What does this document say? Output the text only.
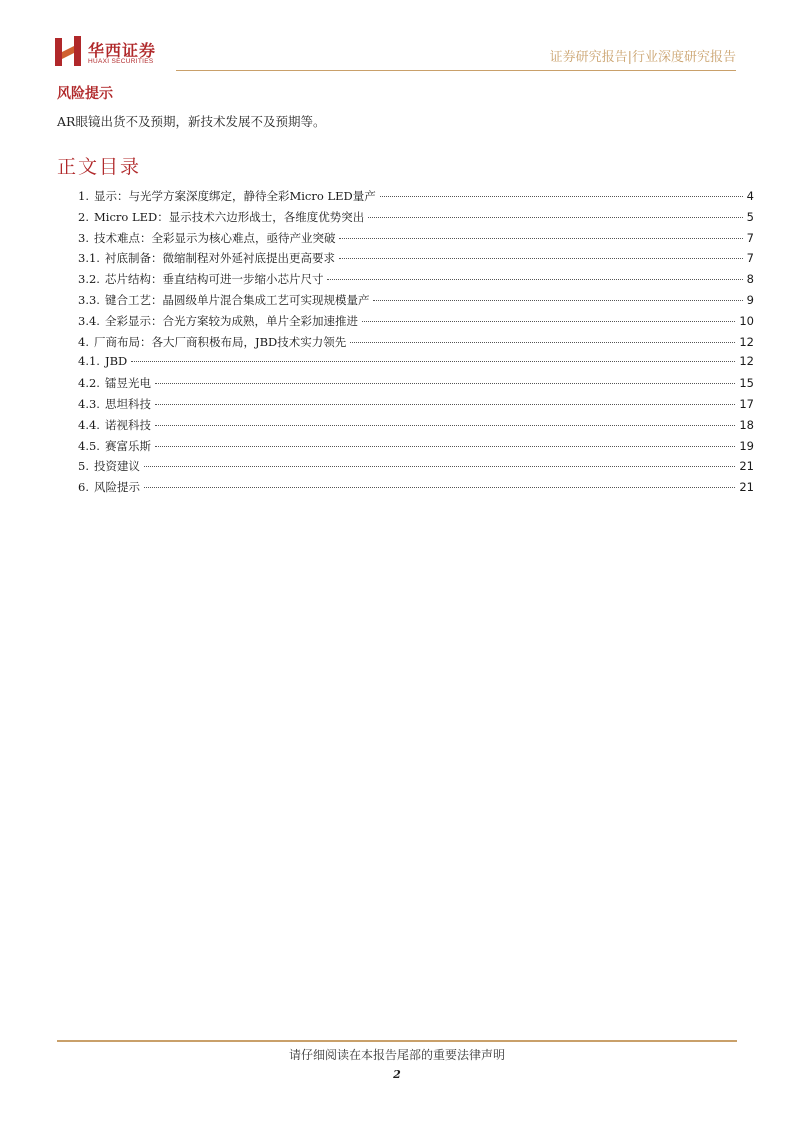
华西证券
HUAXI SECURITIES	证券研究报告|行业深度研究报告
风险提示
AR眼镜出货不及预期，新技术发展不及预期等。
正文目录
1. 显示：与光学方案深度绑定，静待全彩Micro LED量产	4
2. Micro LED：显示技术六边形战士，各维度优势突出	5
3. 技术难点：全彩显示为核心难点，亟待产业突破	7
3.1. 衬底制备：微缩制程对外延衬底提出更高要求	7
3.2. 芯片结构：垂直结构可进一步缩小芯片尺寸	8
3.3. 键合工艺：晶圆级单片混合集成工艺可实现规模量产	9
3.4. 全彩显示：合光方案较为成熟，单片全彩加速推进	10
4. 厂商布局：各大厂商积极布局，JBD技术实力领先	12
4.1. JBD	12
4.2. 镭昱光电	15
4.3. 思坦科技	17
4.4. 诺视科技	18
4.5. 赛富乐斯	19
5. 投资建议	21
6. 风险提示	21
请仔细阅读在本报告尾部的重要法律声明
2
